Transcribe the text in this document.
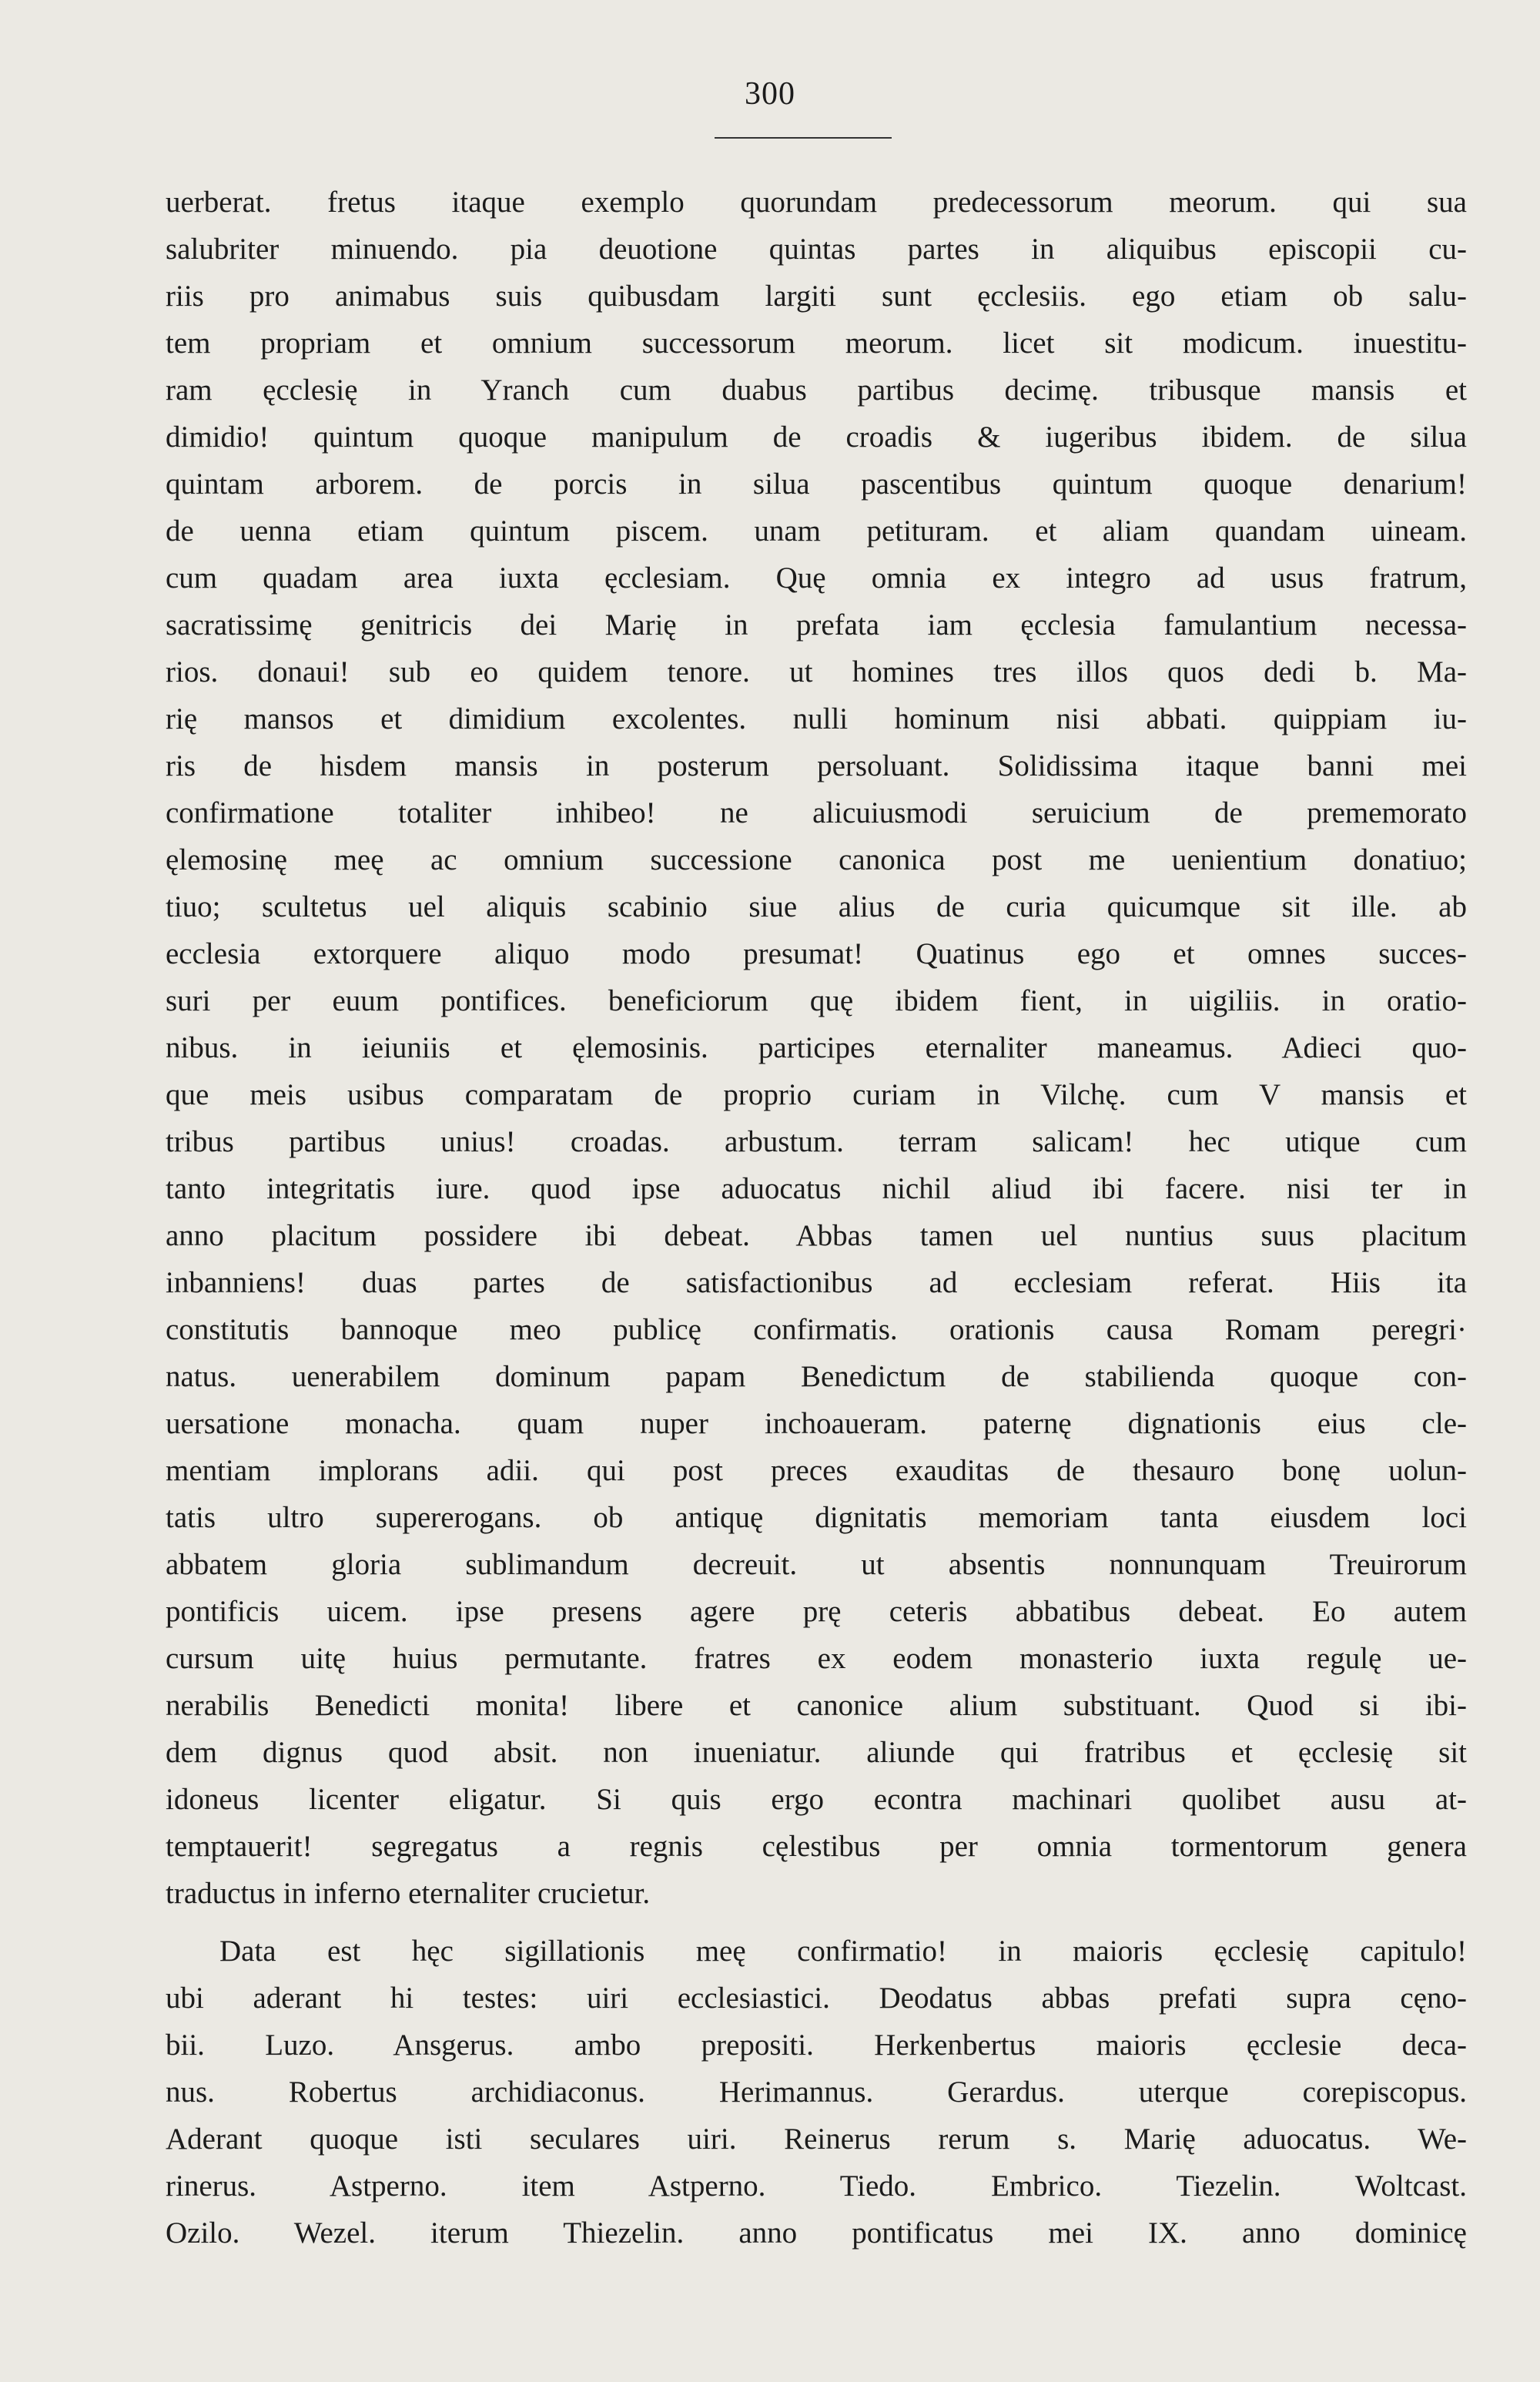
300
uerberat. fretus itaque exemplo quorundam predecessorum meorum. qui sua
salubriter minuendo. pia deuotione quintas partes in aliquibus episcopii cu-
riis pro animabus suis quibusdam largiti sunt ęcclesiis. ego etiam ob salu-
tem propriam et omnium successorum meorum. licet sit modicum. inuestitu-
ram ęcclesię in Yranch cum duabus partibus decimę. tribusque mansis et
dimidio! quintum quoque manipulum de croadis & iugeribus ibidem. de silua
quintam arborem. de porcis in silua pascentibus quintum quoque denarium!
de uenna etiam quintum piscem. unam petituram. et aliam quandam uineam.
cum quadam area iuxta ęcclesiam. Quę omnia ex integro ad usus fratrum,
sacratissimę genitricis dei Marię in prefata iam ęcclesia famulantium necessa-
rios. donaui! sub eo quidem tenore. ut homines tres illos quos dedi b. Ma-
rię mansos et dimidium excolentes. nulli hominum nisi abbati. quippiam iu-
ris de hisdem mansis in posterum persoluant. Solidissima itaque banni mei
confirmatione totaliter inhibeo! ne alicuiusmodi seruicium de prememorato
ęlemosinę meę ac omnium successione canonica post me uenientium donatiuo;
tiuo; scultetus uel aliquis scabinio siue alius de curia quicumque sit ille. ab
ecclesia extorquere aliquo modo presumat! Quatinus ego et omnes succes-
suri per euum pontifices. beneficiorum quę ibidem fient, in uigiliis. in oratio-
nibus. in ieiuniis et ęlemosinis. participes eternaliter maneamus. Adieci quo-
que meis usibus comparatam de proprio curiam in Vilchę. cum V mansis et
tribus partibus unius! croadas. arbustum. terram salicam! hec utique cum
tanto integritatis iure. quod ipse aduocatus nichil aliud ibi facere. nisi ter in
anno placitum possidere ibi debeat. Abbas tamen uel nuntius suus placitum
inbanniens! duas partes de satisfactionibus ad ecclesiam referat. Hiis ita
constitutis bannoque meo publicę confirmatis. orationis causa Romam peregri·
natus. uenerabilem dominum papam Benedictum de stabilienda quoque con-
uersatione monacha. quam nuper inchoaueram. paternę dignationis eius cle-
mentiam implorans adii. qui post preces exauditas de thesauro bonę uolun-
tatis ultro supererogans. ob antiquę dignitatis memoriam tanta eiusdem loci
abbatem gloria sublimandum decreuit. ut absentis nonnunquam Treuirorum
pontificis uicem. ipse presens agere prę ceteris abbatibus debeat. Eo autem
cursum uitę huius permutante. fratres ex eodem monasterio iuxta regulę ue-
nerabilis Benedicti monita! libere et canonice alium substituant. Quod si ibi-
dem dignus quod absit. non inueniatur. aliunde qui fratribus et ęcclesię sit
idoneus licenter eligatur. Si quis ergo econtra machinari quolibet ausu at-
temptauerit! segregatus a regnis cęlestibus per omnia tormentorum genera
traductus in inferno eternaliter crucietur.
Data est hęc sigillationis meę confirmatio! in maioris ęcclesię capitulo!
ubi aderant hi testes: uiri ecclesiastici. Deodatus abbas prefati supra cęno-
bii. Luzo. Ansgerus. ambo prepositi. Herkenbertus maioris ęcclesie deca-
nus. Robertus archidiaconus. Herimannus. Gerardus. uterque corepiscopus.
Aderant quoque isti seculares uiri. Reinerus rerum s. Marię aduocatus. We-
rinerus. Astperno. item Astperno. Tiedo. Embrico. Tiezelin. Woltcast.
Ozilo. Wezel. iterum Thiezelin. anno pontificatus mei IX. anno dominicę
